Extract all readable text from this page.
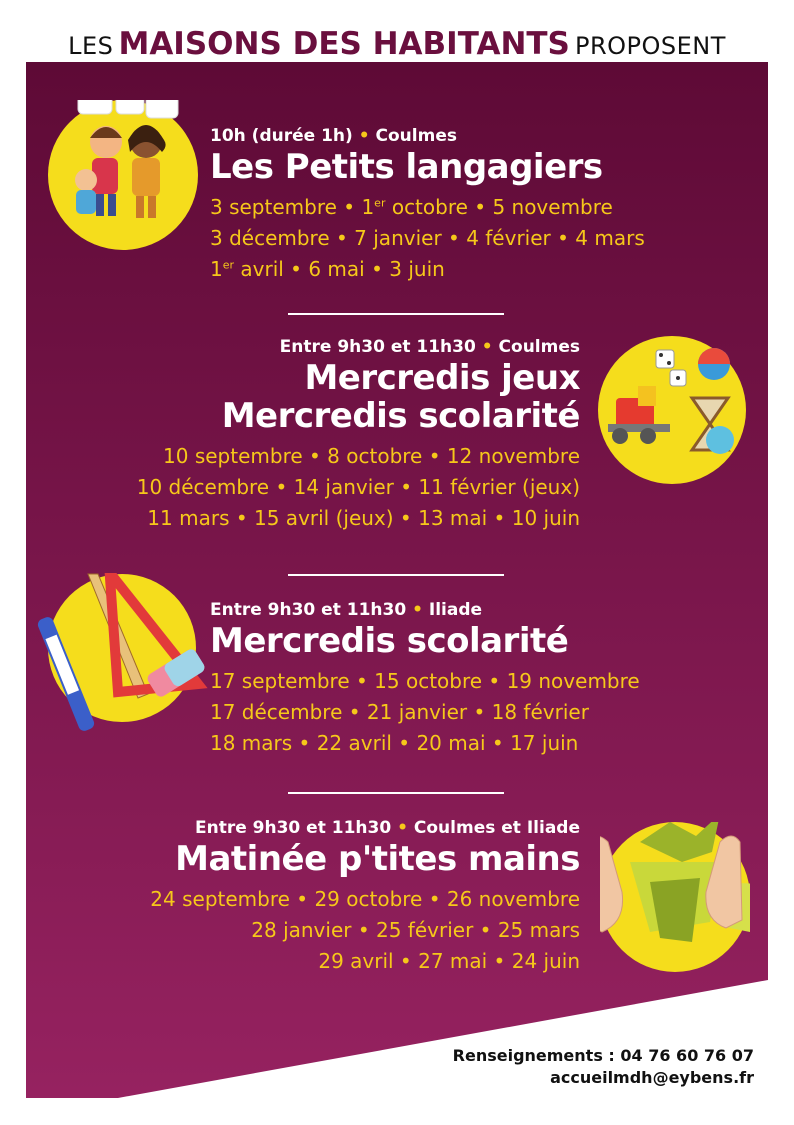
LES MAISONS DES HABITANTS PROPOSENT
10h (durée 1h) • Coulmes
Les Petits langagiers
3 septembre • 1er octobre • 5 novembre
3 décembre • 7 janvier • 4 février • 4 mars
1er avril • 6 mai • 3 juin
Entre 9h30 et 11h30 • Coulmes
Mercredis jeux
Mercredis scolarité
10 septembre • 8 octobre • 12 novembre
10 décembre • 14 janvier • 11 février (jeux)
11 mars • 15 avril (jeux) • 13 mai • 10 juin
Entre 9h30 et 11h30 • Iliade
Mercredis scolarité
17 septembre • 15 octobre • 19 novembre
17 décembre • 21 janvier • 18 février
18 mars • 22 avril • 20 mai • 17 juin
Entre 9h30 et 11h30 • Coulmes et Iliade
Matinée p'tites mains
24 septembre • 29 octobre • 26 novembre
28 janvier • 25 février • 25 mars
29 avril • 27 mai • 24 juin
Renseignements : 04 76 60 76 07
accueilmdh@eybens.fr
